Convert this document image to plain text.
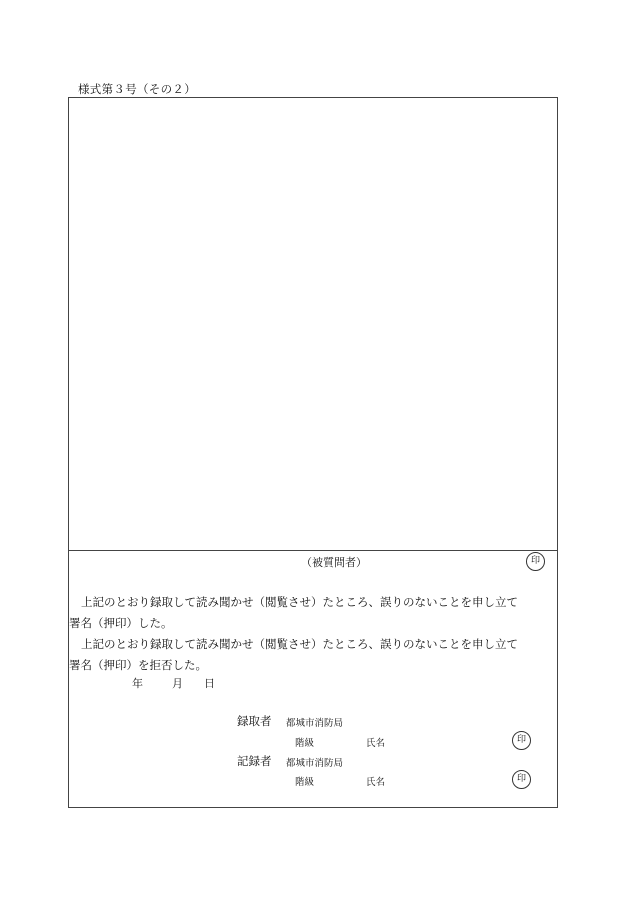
様式第３号（その２）
（被質問者）	印
上記のとおり録取して読み聞かせ（閲覧させ）たところ、誤りのないことを申し立て
署名（押印）した。
上記のとおり録取して読み聞かせ（閲覧させ）たところ、誤りのないことを申し立て
署名（押印）を拒否した。
年	月 日
録取者 都城市消防局
階級	氏名	印
記録者 都城市消防局
階級	氏名	印
